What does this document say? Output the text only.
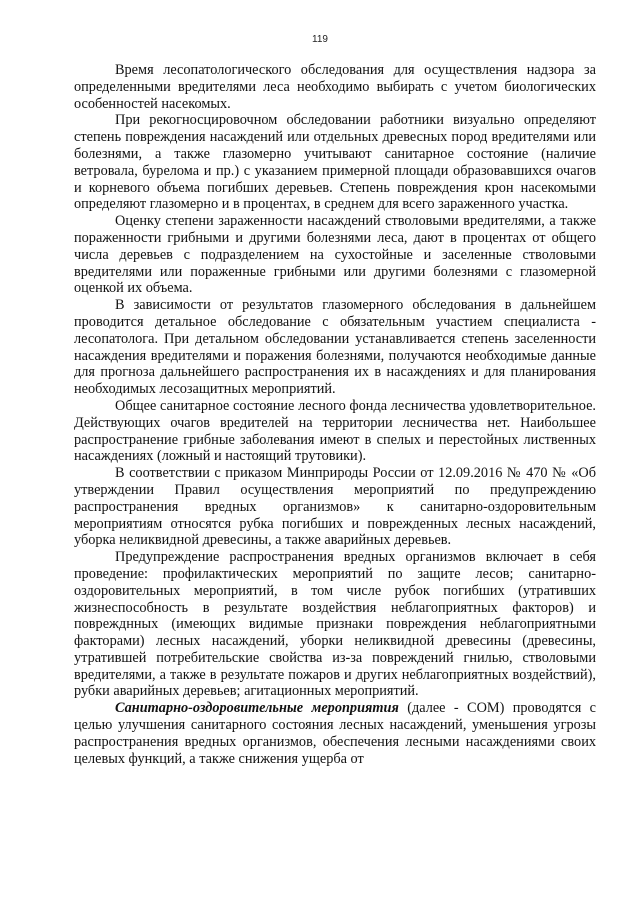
119

Время лесопатологического обследования для осуществления надзора за определенными вредителями леса необходимо выбирать с учетом биологических особенностей насекомых.

При рекогносцировочном обследовании работники визуально определяют степень повреждения насаждений или отдельных древесных пород вредителями или болезнями, а также глазомерно учитывают санитарное состояние (наличие ветровала, бурелома и пр.) с указанием примерной площади образовавшихся очагов и корневого объема погибших деревьев. Степень повреждения крон насекомыми определяют глазомерно и в процентах, в среднем для всего зараженного участка.

Оценку степени зараженности насаждений стволовыми вредителями, а также пораженности грибными и другими болезнями леса, дают в процентах от общего числа деревьев с подразделением на сухостойные и заселенные стволовыми вредителями или пораженные грибными или другими болезнями с глазомерной оценкой их объема.

В зависимости от результатов глазомерного обследования в дальнейшем проводится детальное обследование с обязательным участием специалиста - лесопатолога. При детальном обследовании устанавливается степень заселенности насаждения вредителями и поражения болезнями, получаются необходимые данные для прогноза дальнейшего распространения их в насаждениях и для планирования необходимых лесозащитных мероприятий.

Общее санитарное состояние лесного фонда лесничества удовлетворительное. Действующих очагов вредителей на территории лесничества нет. Наибольшее распространение грибные заболевания имеют в спелых и перестойных лиственных насаждениях (ложный и настоящий трутовики).

В соответствии с приказом Минприроды России от 12.09.2016 № 470 № «Об утверждении Правил осуществления мероприятий по предупреждению распространения вредных организмов» к санитарно-оздоровительным мероприятиям относятся рубка погибших и поврежденных лесных насаждений, уборка неликвидной древесины, а также аварийных деревьев.

Предупреждение распространения вредных организмов включает в себя проведение: профилактических мероприятий по защите лесов; санитарно-оздоровительных мероприятий, в том числе рубок погибших (утративших жизнеспособность в результате воздействия неблагоприятных факторов) и поврежднных (имеющих видимые признаки повреждения неблагоприятными факторами) лесных насаждений, уборки неликвидной древесины (древесины, утратившей потребительские свойства из-за повреждений гнилью, стволовыми вредителями, а также в результате пожаров и других неблагоприятных воздействий), рубки аварийных деревьев; агитационных мероприятий.

Санитарно-оздоровительные мероприятия (далее - СОМ) проводятся с целью улучшения санитарного состояния лесных насаждений, уменьшения угрозы распространения вредных организмов, обеспечения лесными насаждениями своих целевых функций, а также снижения ущерба от
